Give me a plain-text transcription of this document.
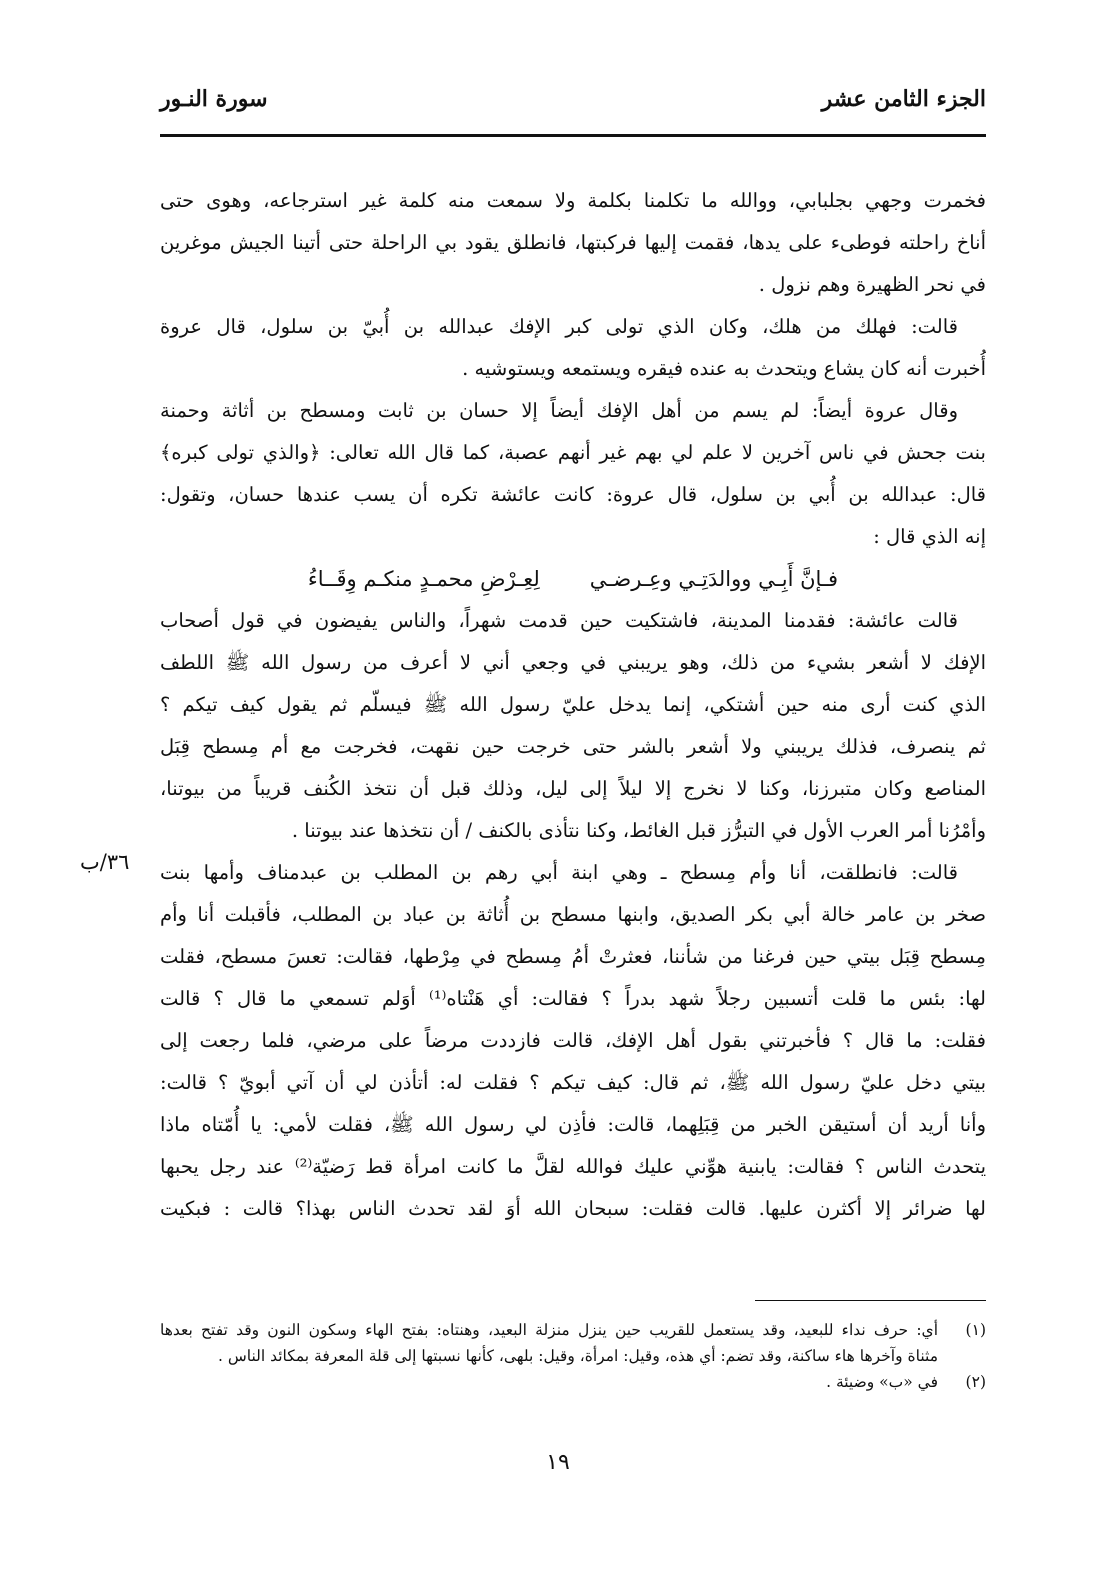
الجزء الثامن عشر
سورة النـور
فخمرت وجهي بجلبابي، ووالله ما تكلمنا بكلمة ولا سمعت منه كلمة غير استرجاعه، وهوى حتى
أناخ راحلته فوطىء على يدها، فقمت إليها فركبتها، فانطلق يقود بي الراحلة حتى أتينا الجيش موغرين
في نحر الظهيرة وهم نزول .
قالت: فهلك من هلك، وكان الذي تولى كبر الإفك عبدالله بن أُبيّ بن سلول، قال عروة
أُخبرت أنه كان يشاع ويتحدث به عنده فيقره ويستمعه ويستوشيه .
وقال عروة أيضاً: لم يسم من أهل الإفك أيضاً إلا حسان بن ثابت ومسطح بن أثاثة وحمنة
بنت جحش في ناس آخرين لا علم لي بهم غير أنهم عصبة، كما قال الله تعالى: ﴿والذي تولى كبره﴾
قال: عبدالله بن أُبي بن سلول، قال عروة: كانت عائشة تكره أن يسب عندها حسان، وتقول:
إنه الذي قال :
فـإنَّ أَبِـي ووالدَتِـي وعِـرضـيلِعِـرْضِ محمـدٍ منكـم وِقَــاءُ
قالت عائشة: فقدمنا المدينة، فاشتكيت حين قدمت شهراً، والناس يفيضون في قول أصحاب
الإفك لا أشعر بشيء من ذلك، وهو يريبني في وجعي أني لا أعرف من رسول الله ﷺ اللطف
الذي كنت أرى منه حين أشتكي، إنما يدخل عليّ رسول الله ﷺ فيسلّم ثم يقول كيف تيكم ؟
ثم ينصرف، فذلك يريبني ولا أشعر بالشر حتى خرجت حين نقهت، فخرجت مع أم مِسطح قِبَل
المناصع وكان متبرزنا، وكنا لا نخرج إلا ليلاً إلى ليل، وذلك قبل أن نتخذ الكُنف قريباً من بيوتنا،
وأمْرُنا أمر العرب الأول في التبرُّز قبل الغائط، وكنا نتأذى بالكنف / أن نتخذها عند بيوتنا .
قالت: فانطلقت، أنا وأم مِسطح ـ وهي ابنة أبي رهم بن المطلب بن عبدمناف وأمها بنت
صخر بن عامر خالة أبي بكر الصديق، وابنها مسطح بن أُثاثة بن عباد بن المطلب، فأقبلت أنا وأم
مِسطح قِبَل بيتي حين فرغنا من شأننا، فعثرتْ أمُ مِسطح في مِرْطها، فقالت: تعسَ مسطح، فقلت
لها: بئس ما قلت أتسبين رجلاً شهد بدراً ؟ فقالت: أي هَنْتاه⁽¹⁾ أوَلم تسمعي ما قال ؟ قالت
فقلت: ما قال ؟ فأخبرتني بقول أهل الإفك، قالت فازددت مرضاً على مرضي، فلما رجعت إلى
بيتي دخل عليّ رسول الله ﷺ، ثم قال: كيف تيكم ؟ فقلت له: أتأذن لي أن آتي أبويّ ؟ قالت:
وأنا أريد أن أستيقن الخبر من قِبَلِهما، قالت: فأذِن لي رسول الله ﷺ، فقلت لأمي: يا أُمّتاه ماذا
يتحدث الناس ؟ فقالت: يابنية هوِّني عليك فوالله لقلَّ ما كانت امرأة قط رَضيّة⁽²⁾ عند رجل يحبها
لها ضرائر إلا أكثرن عليها. قالت فقلت: سبحان الله أوَ لقد تحدث الناس بهذا؟ قالت : فبكيت
٣٦/ب
(١)
أي: حرف نداء للبعيد، وقد يستعمل للقريب حين ينزل منزلة البعيد، وهنتاه: بفتح الهاء وسكون النون وقد تفتح بعدها
مثناة وآخرها هاء ساكنة، وقد تضم: أي هذه، وقيل: امرأة، وقيل: بلهى، كأنها نسبتها إلى قلة المعرفة بمكائد الناس .
(٢)
في «ب» وضيئة .
١٩
